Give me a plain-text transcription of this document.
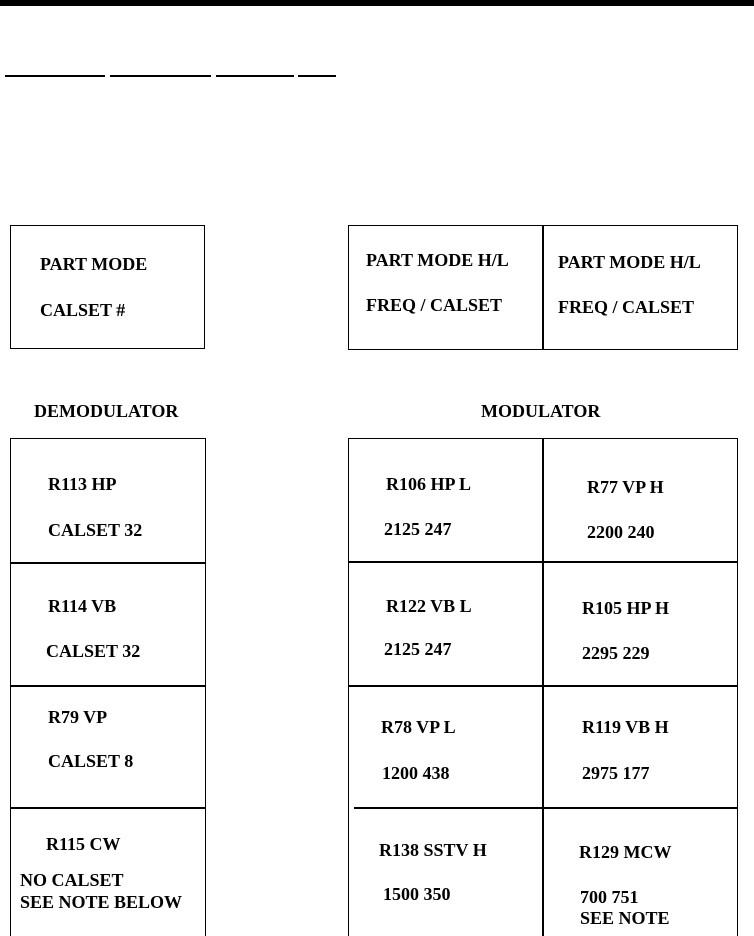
PART MODE
CALSET #
PART MODE H/L
FREQ / CALSET
PART MODE H/L
FREQ / CALSET
DEMODULATOR	MODULATOR
R113 HP
CALSET 32
R114 VB
CALSET 32
R79 VP
CALSET 8
R115 CW
NO CALSET
SEE NOTE BELOW
R106 HP L
2125 247
R122 VB L
2125 247
R78 VP L
1200 438
R138 SSTV H
1500 350
R77 VP H
2200 240
R105 HP H
2295 229
R119 VB H
2975 177
R129 MCW
700 751
SEE NOTE
